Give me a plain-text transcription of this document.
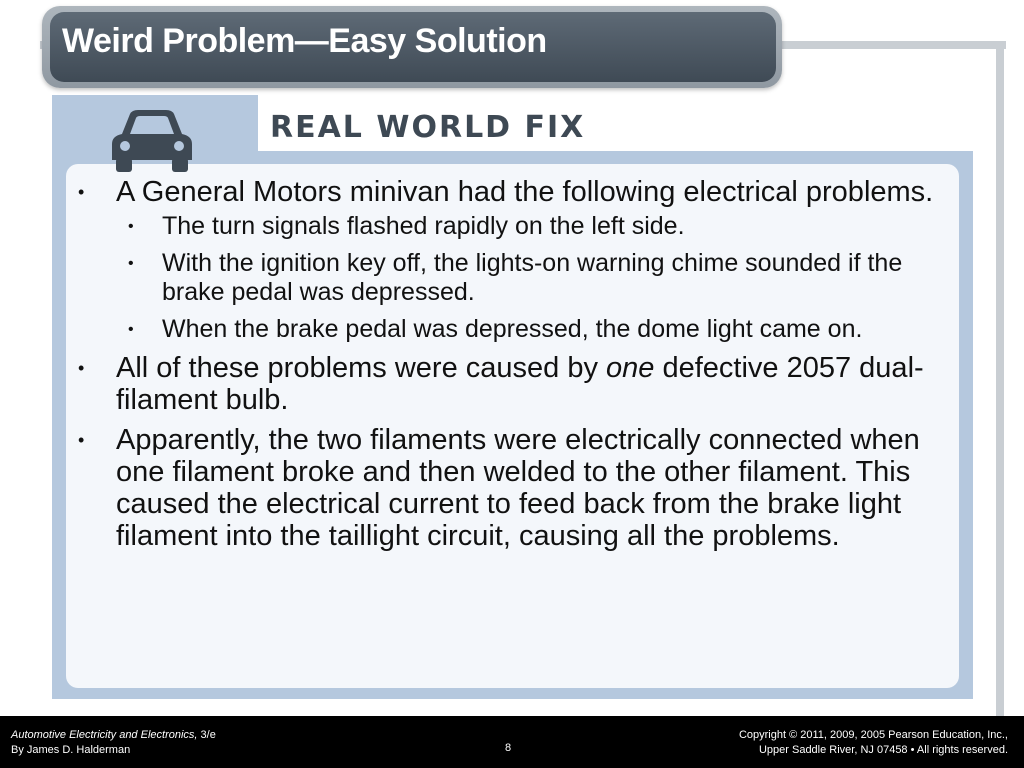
Weird Problem—Easy Solution
REAL WORLD FIX
• A General Motors minivan had the following electrical problems.
• The turn signals flashed rapidly on the left side.
• With the ignition key off, the lights-on warning chime sounded if the brake pedal was depressed.
• When the brake pedal was depressed, the dome light came on.
• All of these problems were caused by one defective 2057 dual-filament bulb.
• Apparently, the two filaments were electrically connected when one filament broke and then welded to the other filament. This caused the electrical current to feed back from the brake light filament into the taillight circuit, causing all the problems.
Automotive Electricity and Electronics, 3/e
By James D. Halderman	8
Copyright © 2011, 2009, 2005 Pearson Education, Inc.,
Upper Saddle River, NJ 07458 • All rights reserved.
